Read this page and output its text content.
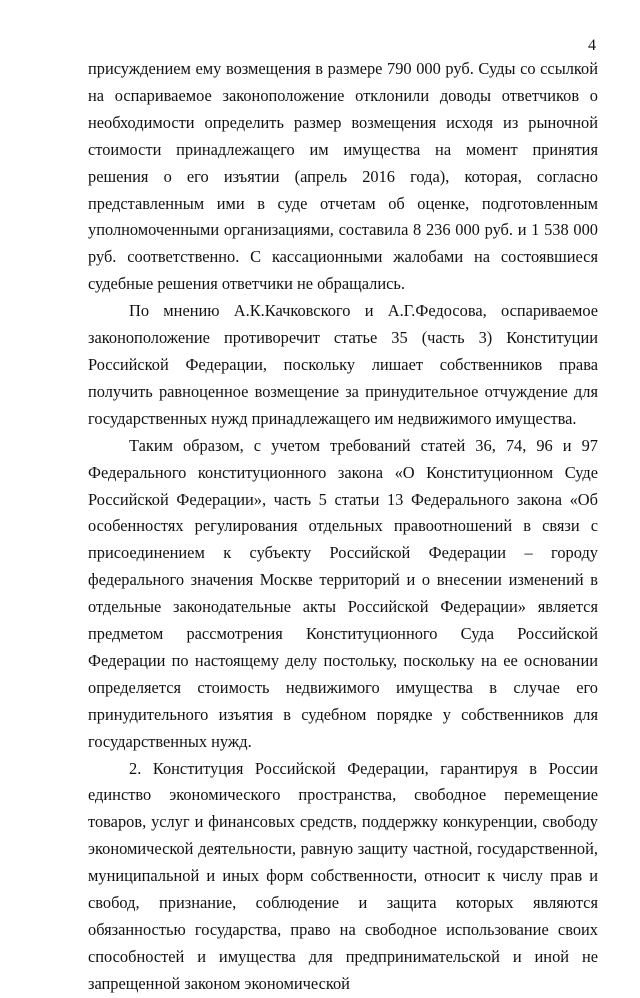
4

присуждением ему возмещения в размере 790 000 руб. Суды со ссылкой на оспариваемое законоположение отклонили доводы ответчиков о необходимости определить размер возмещения исходя из рыночной стоимости принадлежащего им имущества на момент принятия решения о его изъятии (апрель 2016 года), которая, согласно представленным ими в суде отчетам об оценке, подготовленным уполномоченными организациями, составила 8 236 000 руб. и 1 538 000 руб. соответственно. С кассационными жалобами на состоявшиеся судебные решения ответчики не обращались.

По мнению А.К.Качковского и А.Г.Федосова, оспариваемое законоположение противоречит статье 35 (часть 3) Конституции Российской Федерации, поскольку лишает собственников права получить равноценное возмещение за принудительное отчуждение для государственных нужд принадлежащего им недвижимого имущества.

Таким образом, с учетом требований статей 36, 74, 96 и 97 Федерального конституционного закона «О Конституционном Суде Российской Федерации», часть 5 статьи 13 Федерального закона «Об особенностях регулирования отдельных правоотношений в связи с присоединением к субъекту Российской Федерации – городу федерального значения Москве территорий и о внесении изменений в отдельные законодательные акты Российской Федерации» является предметом рассмотрения Конституционного Суда Российской Федерации по настоящему делу постольку, поскольку на ее основании определяется стоимость недвижимого имущества в случае его принудительного изъятия в судебном порядке у собственников для государственных нужд.

2. Конституция Российской Федерации, гарантируя в России единство экономического пространства, свободное перемещение товаров, услуг и финансовых средств, поддержку конкуренции, свободу экономической деятельности, равную защиту частной, государственной, муниципальной и иных форм собственности, относит к числу прав и свобод, признание, соблюдение и защита которых являются обязанностью государства, право на свободное использование своих способностей и имущества для предпринимательской и иной не запрещенной законом экономической
